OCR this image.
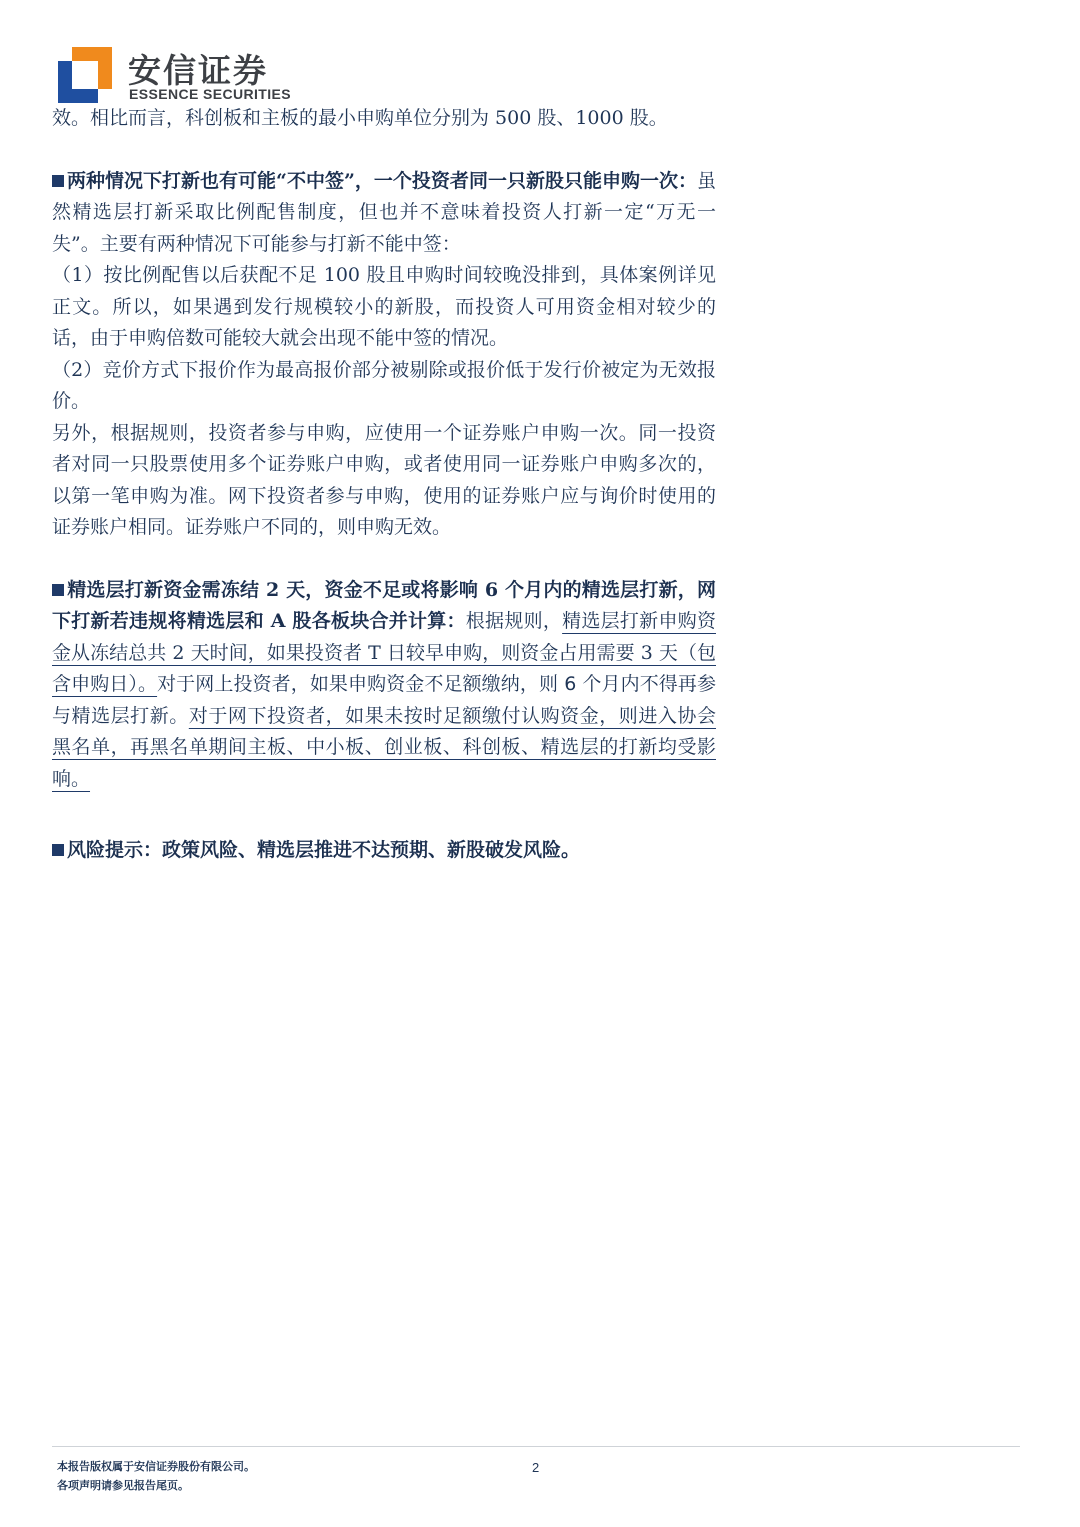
安信证券
ESSENCE SECURITIES

效。相比而言，科创板和主板的最小申购单位分别为 500 股、1000 股。

两种情况下打新也有可能“不中签”，一个投资者同一只新股只能申购一次：虽然精选层打新采取比例配售制度，但也并不意味着投资人打新一定“万无一失”。主要有两种情况下可能参与打新不能中签：

（1）按比例配售以后获配不足 100 股且申购时间较晚没排到，具体案例详见正文。所以，如果遇到发行规模较小的新股，而投资人可用资金相对较少的话，由于申购倍数可能较大就会出现不能中签的情况。

（2）竞价方式下报价作为最高报价部分被剔除或报价低于发行价被定为无效报价。

另外，根据规则，投资者参与申购，应使用一个证券账户申购一次。同一投资者对同一只股票使用多个证券账户申购，或者使用同一证券账户申购多次的，以第一笔申购为准。网下投资者参与申购，使用的证券账户应与询价时使用的证券账户相同。证券账户不同的，则申购无效。

精选层打新资金需冻结 2 天，资金不足或将影响 6 个月内的精选层打新，网下打新若违规将精选层和 A 股各板块合并计算：根据规则，精选层打新申购资金从冻结总共 2 天时间，如果投资者 T 日较早申购，则资金占用需要 3 天（包含申购日）。对于网上投资者，如果申购资金不足额缴纳，则 6 个月内不得再参与精选层打新。对于网下投资者，如果未按时足额缴付认购资金，则进入协会黑名单，再黑名单期间主板、中小板、创业板、科创板、精选层的打新均受影响。

风险提示：政策风险、精选层推进不达预期、新股破发风险。

本报告版权属于安信证券股份有限公司。
各项声明请参见报告尾页。
2
